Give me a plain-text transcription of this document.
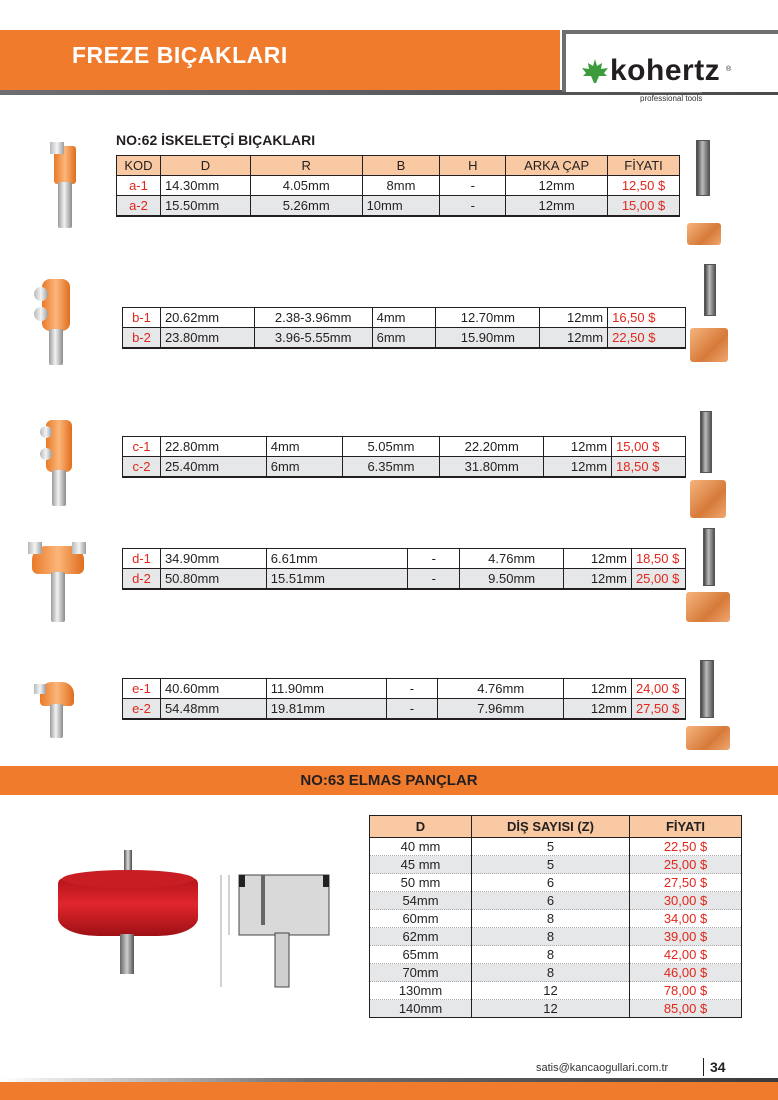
FREZE BIÇAKLARI	kohertz ®
professional tools
NO:62 İSKELETÇİ BIÇAKLARI
KOD	D	R	B	H	ARKA ÇAP	FİYATI
a-1	14.30mm	4.05mm	8mm	-	12mm	12,50 $
a-2	15.50mm	5.26mm	10mm	-	12mm	15,00 $
b-1	20.62mm	2.38-3.96mm	4mm	12.70mm	12mm	16,50 $
b-2	23.80mm	3.96-5.55mm	6mm	15.90mm	12mm	22,50 $
c-1	22.80mm	4mm	5.05mm	22.20mm	12mm	15,00 $
c-2	25.40mm	6mm	6.35mm	31.80mm	12mm	18,50 $
d-1	34.90mm	6.61mm	-	4.76mm	12mm	18,50 $
d-2	50.80mm	15.51mm	-	9.50mm	12mm	25,00 $
e-1	40.60mm	11.90mm	-	4.76mm	12mm	24,00 $
e-2	54.48mm	19.81mm	-	7.96mm	12mm	27,50 $
NO:63 ELMAS PANÇLAR
D	DİŞ SAYISI (Z)	FİYATI
40 mm	5	22,50 $
45 mm	5	25,00 $
50 mm	6	27,50 $
54mm	6	30,00 $
60mm	8	34,00 $
62mm	8	39,00 $
65mm	8	42,00 $
70mm	8	46,00 $
130mm	12	78,00 $
140mm	12	85,00 $
satis@kancaogullari.com.tr	34
